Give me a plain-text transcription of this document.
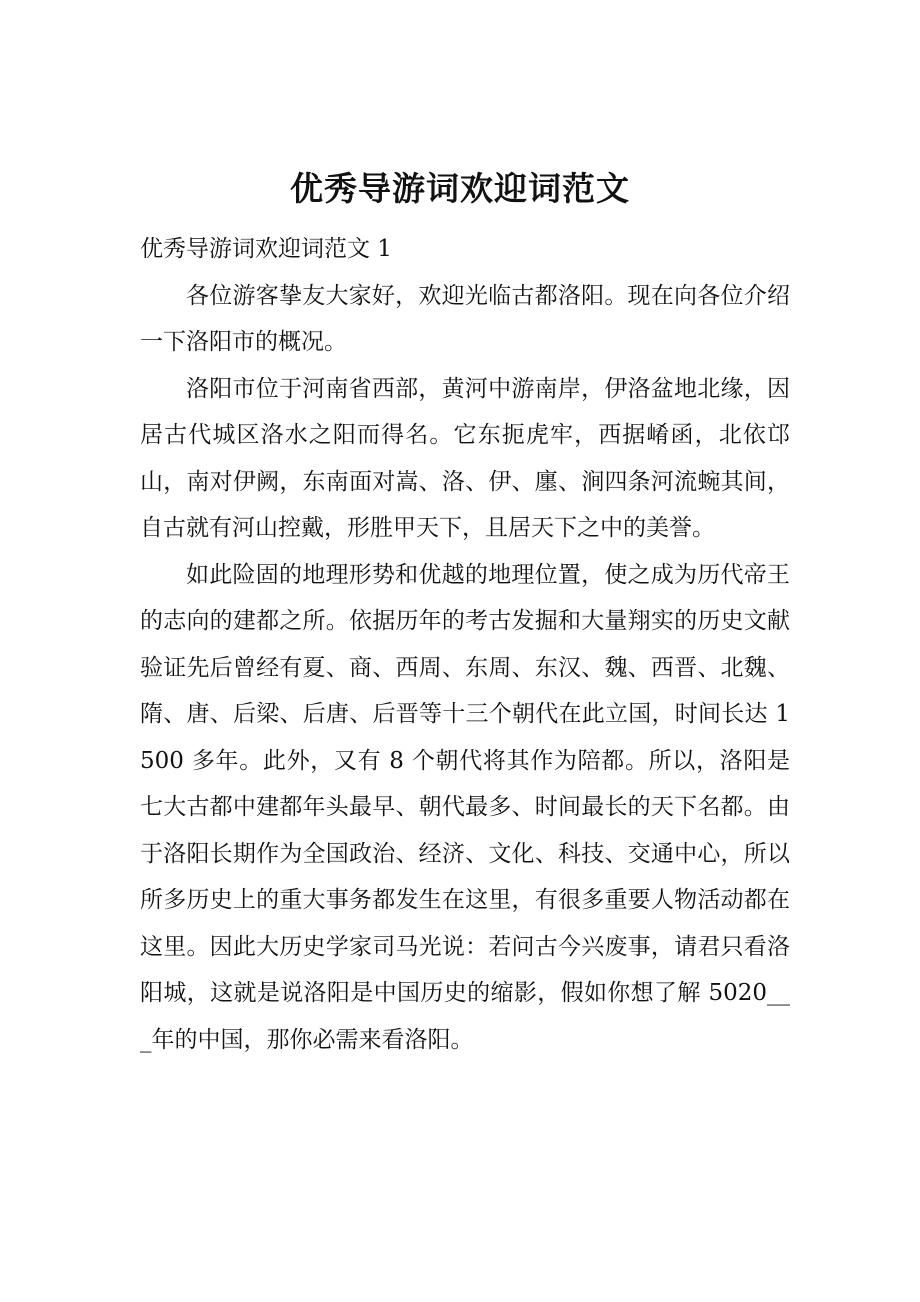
优秀导游词欢迎词范文

优秀导游词欢迎词范文 1

各位游客挚友大家好，欢迎光临古都洛阳。现在向各位介绍一下洛阳市的概况。

洛阳市位于河南省西部，黄河中游南岸，伊洛盆地北缘，因居古代城区洛水之阳而得名。它东扼虎牢，西据崤函，北依邙山，南对伊阙，东南面对嵩、洛、伊、廛、涧四条河流蜿其间，自古就有河山控戴，形胜甲天下，且居天下之中的美誉。

如此险固的地理形势和优越的地理位置，使之成为历代帝王的志向的建都之所。依据历年的考古发掘和大量翔实的历史文献验证先后曾经有夏、商、西周、东周、东汉、魏、西晋、北魏、隋、唐、后梁、后唐、后晋等十三个朝代在此立国，时间长达 1500 多年。此外，又有 8 个朝代将其作为陪都。所以，洛阳是七大古都中建都年头最早、朝代最多、时间最长的天下名都。由于洛阳长期作为全国政治、经济、文化、科技、交通中心，所以所多历史上的重大事务都发生在这里，有很多重要人物活动都在这里。因此大历史学家司马光说：若问古今兴废事，请君只看洛阳城，这就是说洛阳是中国历史的缩影，假如你想了解 5020___年的中国，那你必需来看洛阳。
